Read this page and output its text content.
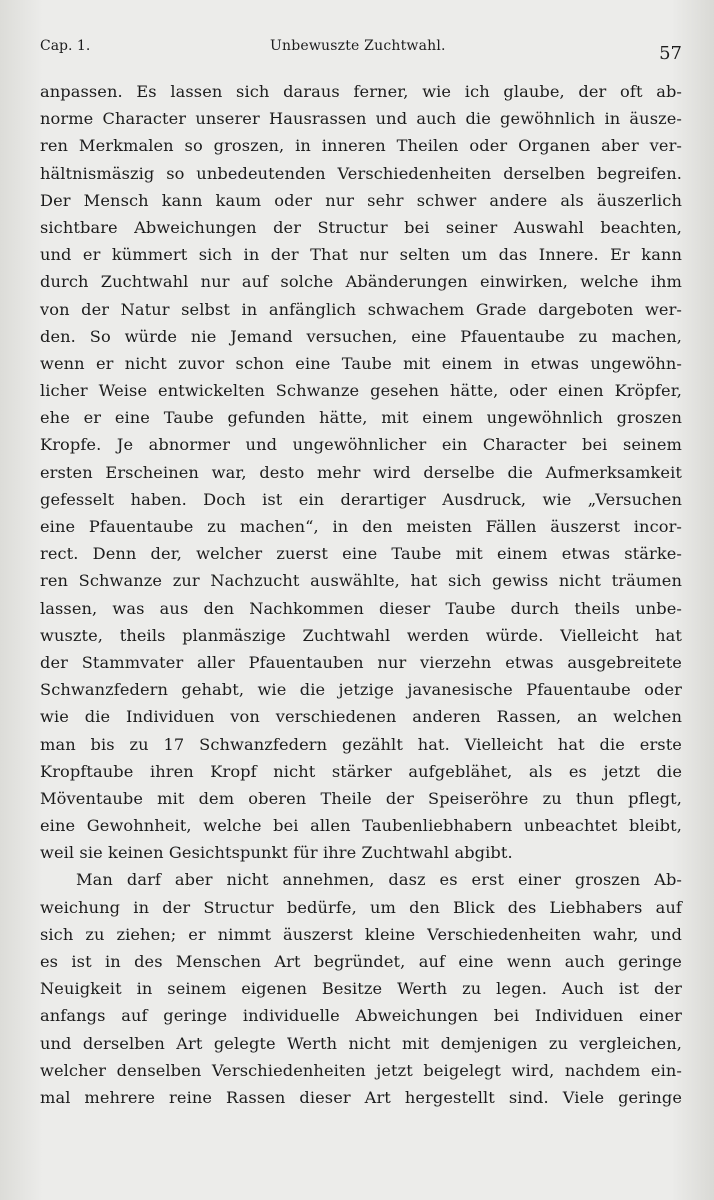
Cap. 1.	Unbewuszte Zuchtwahl.	57
anpassen. Es lassen sich daraus ferner, wie ich glaube, der oft ab-
norme Character unserer Hausrassen und auch die gewöhnlich in äusze-
ren Merkmalen so groszen, in inneren Theilen oder Organen aber ver-
hältnismäszig so unbedeutenden Verschiedenheiten derselben begreifen.
Der Mensch kann kaum oder nur sehr schwer andere als äuszerlich
sichtbare Abweichungen der Structur bei seiner Auswahl beachten,
und er kümmert sich in der That nur selten um das Innere. Er kann
durch Zuchtwahl nur auf solche Abänderungen einwirken, welche ihm
von der Natur selbst in anfänglich schwachem Grade dargeboten wer-
den. So würde nie Jemand versuchen, eine Pfauentaube zu machen,
wenn er nicht zuvor schon eine Taube mit einem in etwas ungewöhn-
licher Weise entwickelten Schwanze gesehen hätte, oder einen Kröpfer,
ehe er eine Taube gefunden hätte, mit einem ungewöhnlich groszen
Kropfe. Je abnormer und ungewöhnlicher ein Character bei seinem
ersten Erscheinen war, desto mehr wird derselbe die Aufmerksamkeit
gefesselt haben. Doch ist ein derartiger Ausdruck, wie „Versuchen
eine Pfauentaube zu machen“, in den meisten Fällen äuszerst incor-
rect. Denn der, welcher zuerst eine Taube mit einem etwas stärke-
ren Schwanze zur Nachzucht auswählte, hat sich gewiss nicht träumen
lassen, was aus den Nachkommen dieser Taube durch theils unbe-
wuszte, theils planmäszige Zuchtwahl werden würde. Vielleicht hat
der Stammvater aller Pfauentauben nur vierzehn etwas ausgebreitete
Schwanzfedern gehabt, wie die jetzige javanesische Pfauentaube oder
wie die Individuen von verschiedenen anderen Rassen, an welchen
man bis zu 17 Schwanzfedern gezählt hat. Vielleicht hat die erste
Kropftaube ihren Kropf nicht stärker aufgeblähet, als es jetzt die
Möventaube mit dem oberen Theile der Speiseröhre zu thun pflegt,
eine Gewohnheit, welche bei allen Taubenliebhabern unbeachtet bleibt,
weil sie keinen Gesichtspunkt für ihre Zuchtwahl abgibt.
Man darf aber nicht annehmen, dasz es erst einer groszen Ab-
weichung in der Structur bedürfe, um den Blick des Liebhabers auf
sich zu ziehen; er nimmt äuszerst kleine Verschiedenheiten wahr, und
es ist in des Menschen Art begründet, auf eine wenn auch geringe
Neuigkeit in seinem eigenen Besitze Werth zu legen. Auch ist der
anfangs auf geringe individuelle Abweichungen bei Individuen einer
und derselben Art gelegte Werth nicht mit demjenigen zu vergleichen,
welcher denselben Verschiedenheiten jetzt beigelegt wird, nachdem ein-
mal mehrere reine Rassen dieser Art hergestellt sind. Viele geringe
